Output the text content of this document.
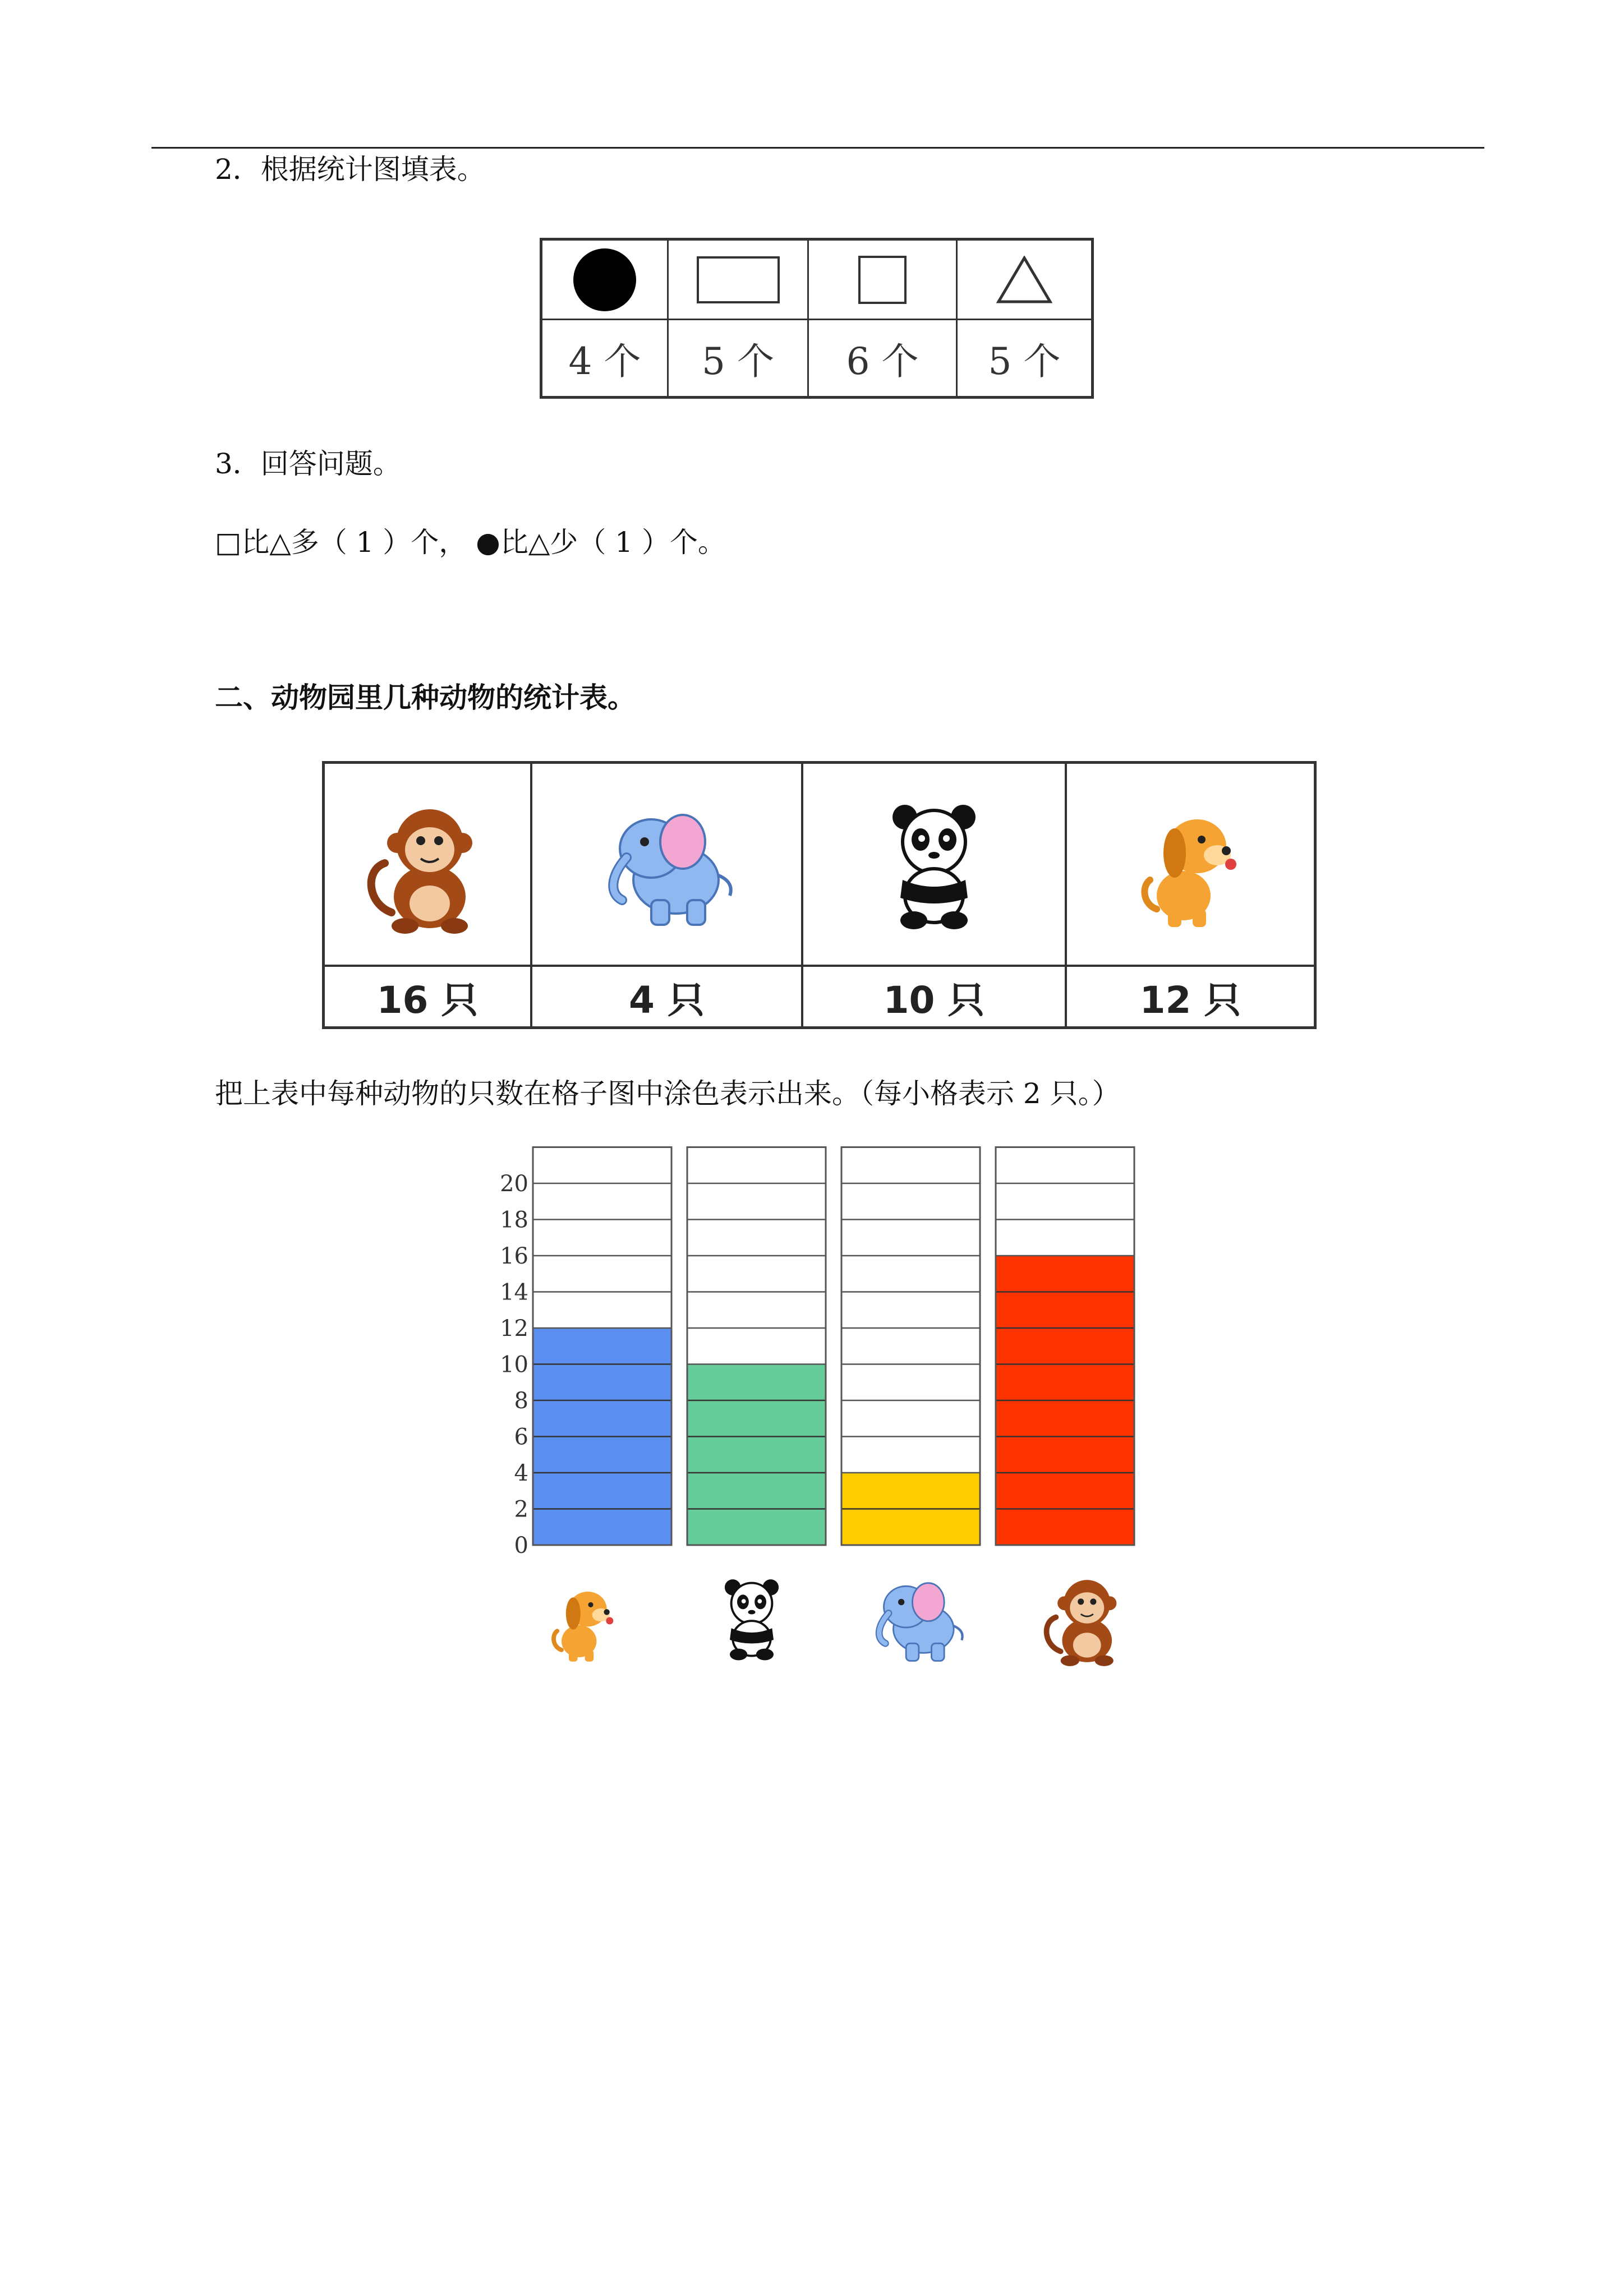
2．根据统计图填表。
4 个	5 个	6 个	5 个
3．回答问题。
□比△多（ 1 ）个， ●比△少（ 1 ）个。
二、动物园里几种动物的统计表。
16 只	4 只	10 只	12 只
把上表中每种动物的只数在格子图中涂色表示出来。（每小格表示 2 只。）
0
2
4
6
8
10
12
14
16
18
20
